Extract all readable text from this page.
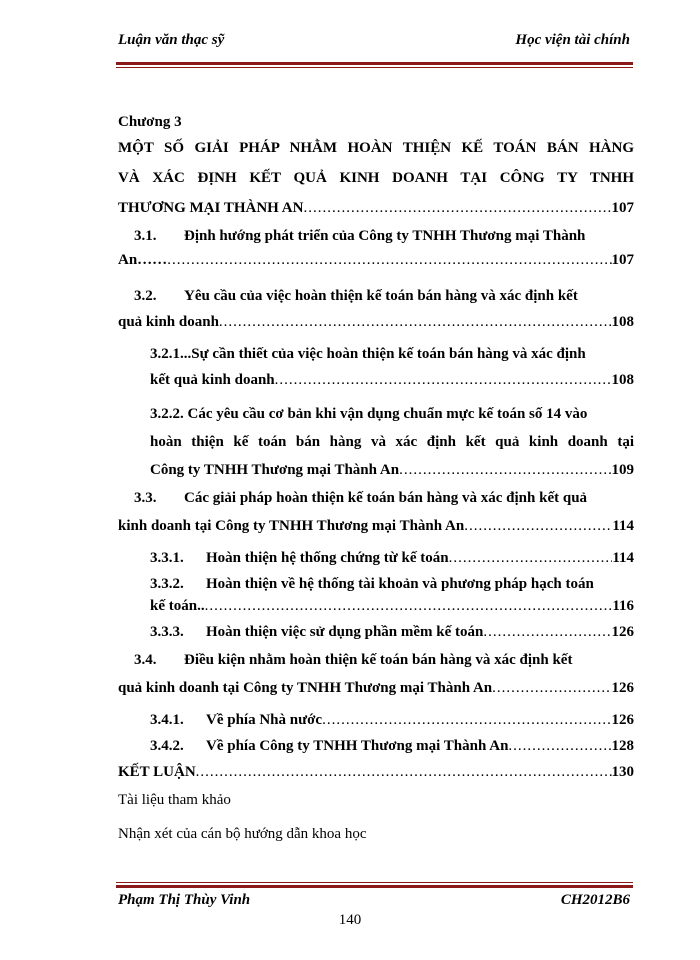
Luận văn thạc sỹ	Học viện tài chính
Chương 3
MỘT SỐ GIẢI PHÁP NHẰM HOÀN THIỆN KẾ TOÁN BÁN HÀNG
VÀ XÁC ĐỊNH KẾT QUẢ KINH DOANH TẠI CÔNG TY TNHH
THƯƠNG MẠI THÀNH AN .....	107
3.1. Định hướng phát triển của Công ty TNHH Thương mại Thành
An…… .....	107
3.2. Yêu cầu của việc hoàn thiện kế toán bán hàng và xác định kết
quả kinh doanh .....	108
3.2.1...Sự cần thiết của việc hoàn thiện kế toán bán hàng và xác định
kết quả kinh doanh .....	108
3.2.2. Các yêu cầu cơ bản khi vận dụng chuẩn mực kế toán số 14 vào
hoàn thiện kế toán bán hàng và xác định kết quả kinh doanh tại
Công ty TNHH Thương mại Thành An .....	109
3.3. Các giải pháp hoàn thiện kế toán bán hàng và xác định kết quả
kinh doanh tại Công ty TNHH Thương mại Thành An .....	114
3.3.1. Hoàn thiện hệ thống chứng từ kế toán .....	114
3.3.2. Hoàn thiện về hệ thống tài khoản và phương pháp hạch toán
kế toán.. .....	116
3.3.3. Hoàn thiện việc sử dụng phần mềm kế toán .....	126
3.4. Điều kiện nhằm hoàn thiện kế toán bán hàng và xác định kết
quả kinh doanh tại Công ty TNHH Thương mại Thành An .....	126
3.4.1. Về phía Nhà nước .....	126
3.4.2. Về phía Công ty TNHH Thương mại Thành An .....	128
KẾT LUẬN .....	130
Tài liệu tham khảo
Nhận xét của cán bộ hướng dẫn khoa học
Phạm Thị Thùy Vinh	CH2012B6
140
